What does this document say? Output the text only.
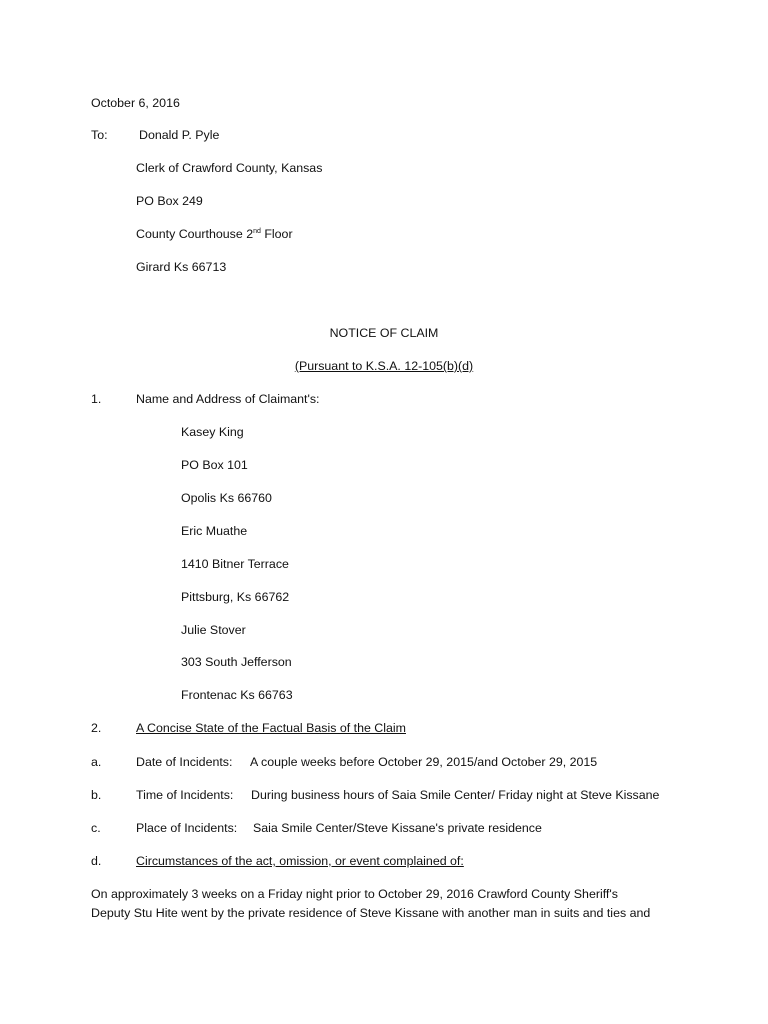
October 6, 2016
To:	Donald P. Pyle
Clerk of Crawford County, Kansas
PO Box 249
County Courthouse 2nd Floor
Girard Ks 66713
NOTICE OF CLAIM
(Pursuant to K.S.A. 12-105(b)(d)
1.	Name and Address of Claimant's:
Kasey King
PO Box 101
Opolis Ks 66760
Eric Muathe
1410 Bitner Terrace
Pittsburg, Ks 66762
Julie Stover
303 South Jefferson
Frontenac Ks 66763
2.	A Concise State of the Factual Basis of the Claim
a.	Date of Incidents: A couple weeks before October 29, 2015/and October 29, 2015
b.	Time of Incidents: During business hours of Saia Smile Center/ Friday night at Steve Kissane
c.	Place of Incidents: Saia Smile Center/Steve Kissane's private residence
d.	Circumstances of the act, omission, or event complained of:
On approximately 3 weeks on a Friday night prior to October 29, 2016 Crawford County Sheriff's
Deputy Stu Hite went by the private residence of Steve Kissane with another man in suits and ties and
